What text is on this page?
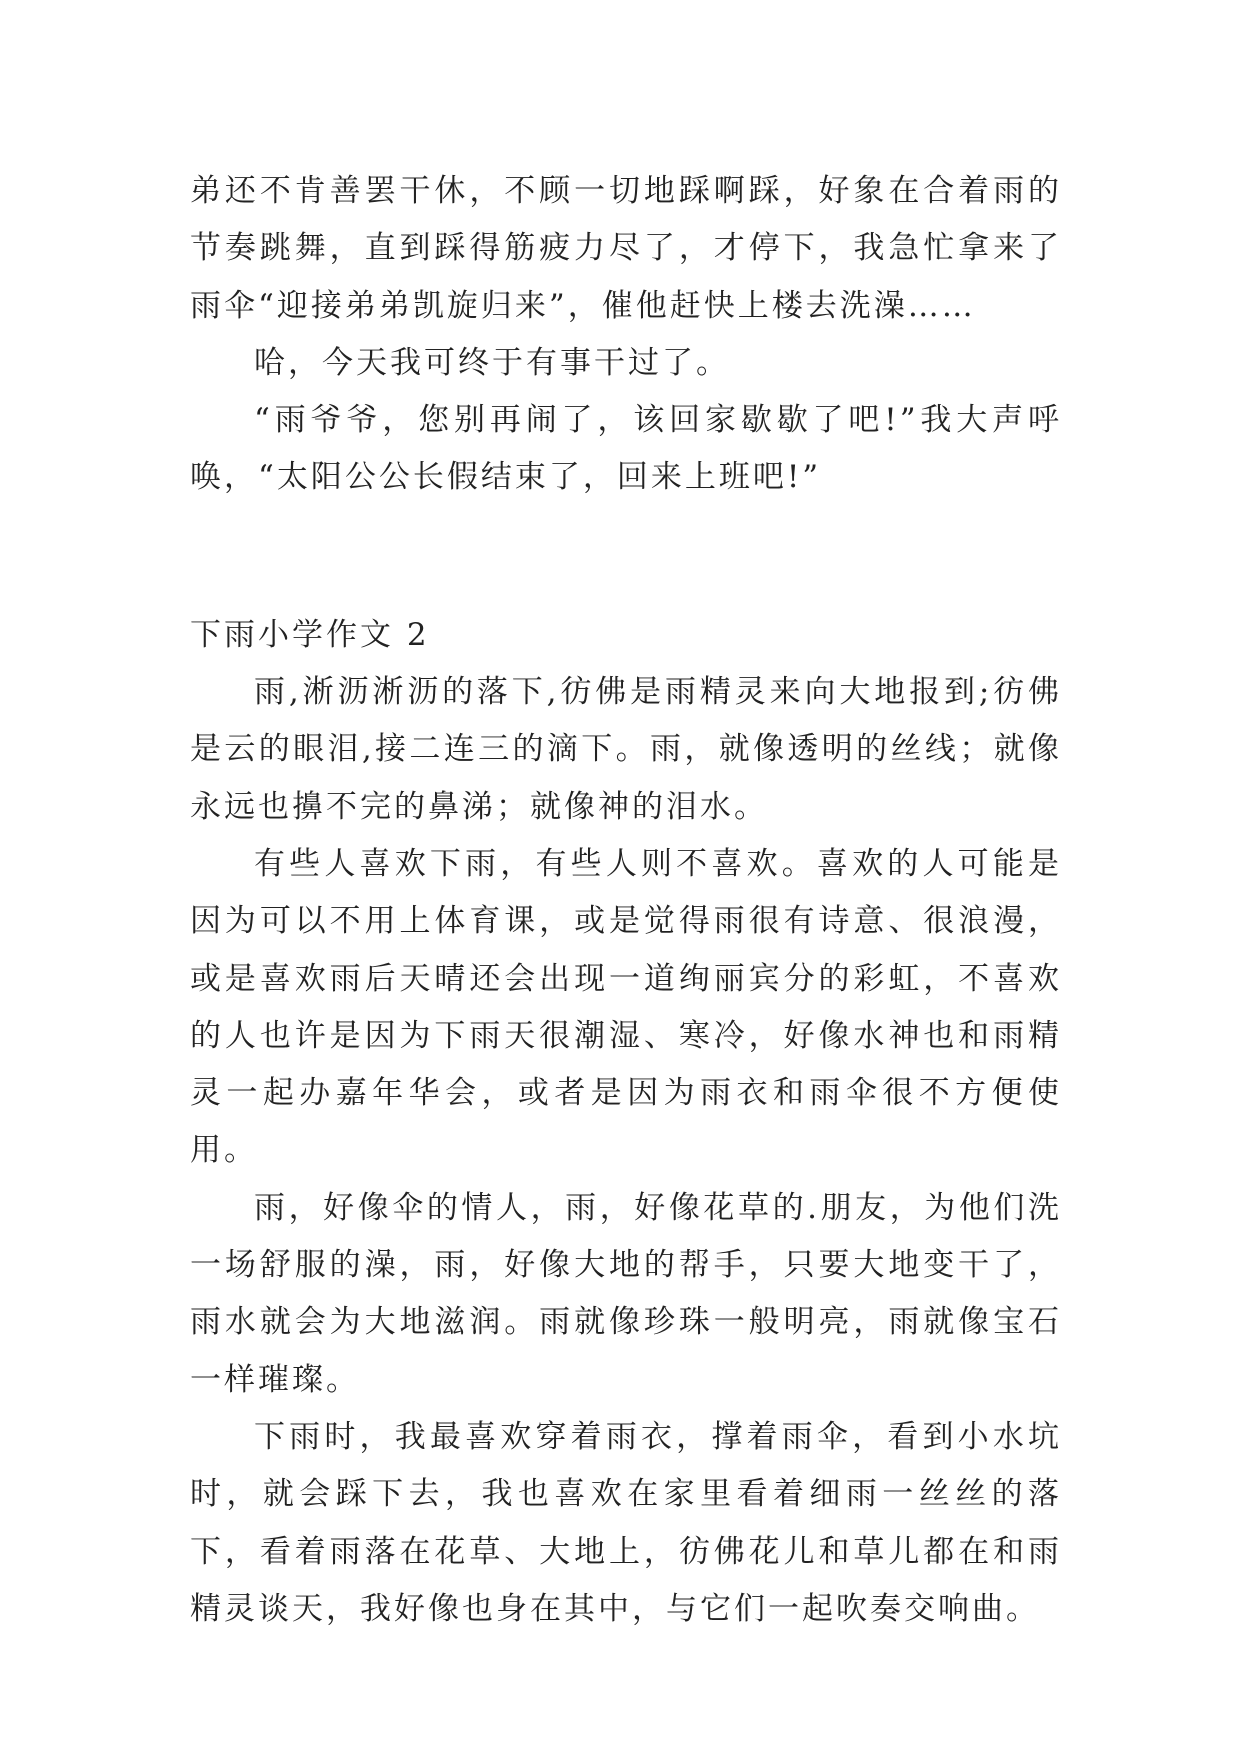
弟还不肯善罢干休，不顾一切地踩啊踩，好象在合着雨的节奏跳舞，直到踩得筋疲力尽了，才停下，我急忙拿来了雨伞“迎接弟弟凯旋归来”，催他赶快上楼去洗澡……

哈，今天我可终于有事干过了。

“雨爷爷，您别再闹了，该回家歇歇了吧!”我大声呼唤，“太阳公公长假结束了，回来上班吧!”

下雨小学作文 2

雨,淅沥淅沥的落下,彷佛是雨精灵来向大地报到;彷佛是云的眼泪,接二连三的滴下。雨，就像透明的丝线；就像永远也擤不完的鼻涕；就像神的泪水。

有些人喜欢下雨，有些人则不喜欢。喜欢的人可能是因为可以不用上体育课，或是觉得雨很有诗意、很浪漫，或是喜欢雨后天晴还会出现一道绚丽宾分的彩虹，不喜欢的人也许是因为下雨天很潮湿、寒冷，好像水神也和雨精灵一起办嘉年华会，或者是因为雨衣和雨伞很不方便使用。

雨，好像伞的情人，雨，好像花草的.朋友，为他们洗一场舒服的澡，雨，好像大地的帮手，只要大地变干了，雨水就会为大地滋润。雨就像珍珠一般明亮，雨就像宝石一样璀璨。

下雨时，我最喜欢穿着雨衣，撑着雨伞，看到小水坑时，就会踩下去，我也喜欢在家里看着细雨一丝丝的落下，看着雨落在花草、大地上，彷佛花儿和草儿都在和雨精灵谈天，我好像也身在其中，与它们一起吹奏交响曲。
